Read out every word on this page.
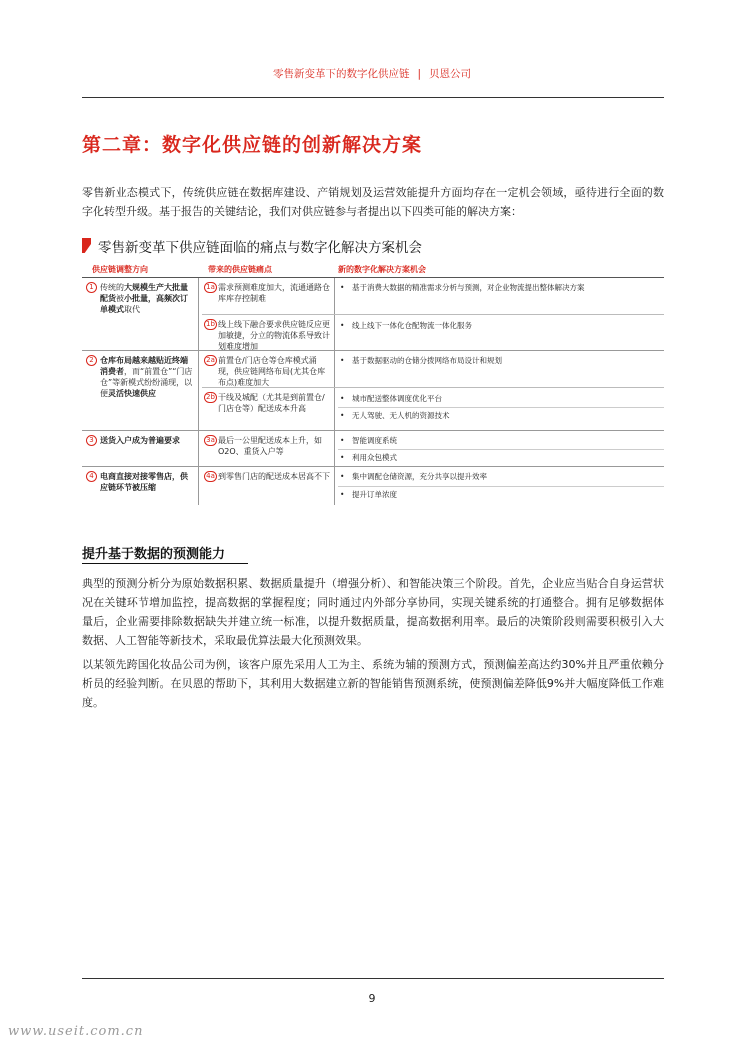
零售新变革下的数字化供应链 | 贝恩公司
第二章：数字化供应链的创新解决方案
零售新业态模式下，传统供应链在数据库建设、产销规划及运营效能提升方面均存在一定机会领域，亟待进行全面的数字化转型升级。基于报告的关键结论，我们对供应链参与者提出以下四类可能的解决方案：
零售新变革下供应链面临的痛点与数字化解决方案机会
供应链调整方向	带来的供应链痛点	新的数字化解决方案机会
1 传统的大规模生产大批量配货被小批量，高频次订单模式取代
1a 需求预测难度加大，流通通路仓库库存控制难
• 基于消费大数据的精准需求分析与预测，对企业物流提出整体解决方案
1b 线上线下融合要求供应链反应更加敏捷，分立的物流体系导致计划难度增加
• 线上线下一体化仓配物流一体化服务
2 仓库布局越来越贴近终端消费者，而“前置仓”“门店仓”等新模式纷纷涌现，以便灵活快速供应
2a 前置仓/门店仓等仓库模式涌现，供应链网络布局(尤其仓库布点)难度加大
• 基于数据驱动的仓储分拨网络布局设计和规划
2b 干线及城配（尤其是到前置仓/门店仓等）配送成本升高
• 城市配送整体调度优化平台
• 无人驾驶、无人机的资源技术
3 送货入户成为普遍要求	3a 最后一公里配送成本上升，如O2O、重货入户等
• 智能调度系统
• 利用众包模式
4 电商直接对接零售店，供应链环节被压缩
4a 到零售门店的配送成本居高不下
•	集中调配仓储资源，充分共享以提升效率
• 提升订单浓度
提升基于数据的预测能力
典型的预测分析分为原始数据积累、数据质量提升（增强分析）、和智能决策三个阶段。首先，企业应当贴合自身运营状况在关键环节增加监控，提高数据的掌握程度；同时通过内外部分享协同，实现关键系统的打通整合。拥有足够数据体量后，企业需要排除数据缺失并建立统一标准，以提升数据质量，提高数据利用率。最后的决策阶段则需要积极引入大数据、人工智能等新技术，采取最优算法最大化预测效果。
以某领先跨国化妆品公司为例，该客户原先采用人工为主、系统为辅的预测方式，预测偏差高达约30%并且严重依赖分析员的经验判断。在贝恩的帮助下，其利用大数据建立新的智能销售预测系统，使预测偏差降低9%并大幅度降低工作难度。
9
www.useit.com.cn
